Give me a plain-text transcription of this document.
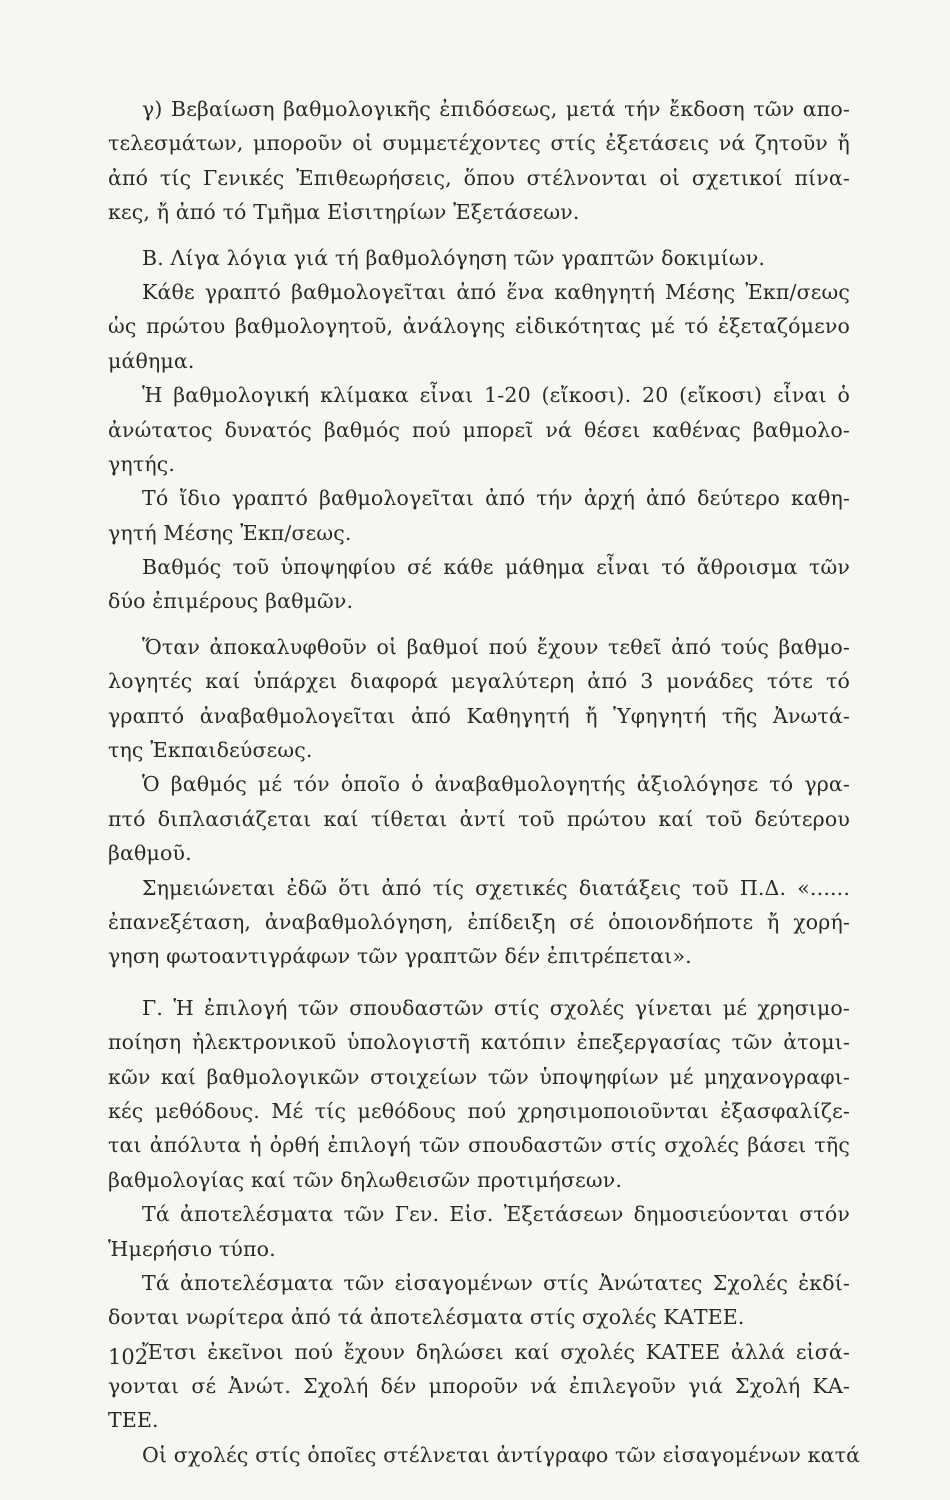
γ) Βεβαίωση βαθμολογικῆς ἐπιδόσεως, μετά τήν ἔκδοση τῶν απο-
τελεσμάτων, μποροῦν οἱ συμμετέχοντες στίς ἐξετάσεις νά ζητοῦν ἤ
ἀπό τίς Γενικές Ἐπιθεωρήσεις, ὅπου στέλνονται οἱ σχετικοί πίνα-
κες, ἤ ἀπό τό Τμῆμα Εἰσιτηρίων Ἐξετάσεων.
Β. Λίγα λόγια γιά τή βαθμολόγηση τῶν γραπτῶν δοκιμίων.
Κάθε γραπτό βαθμολογεῖται ἀπό ἕνα καθηγητή Μέσης Ἐκπ/σεως
ὡς πρώτου βαθμολογητοῦ, ἀνάλογης εἰδικότητας μέ τό ἐξεταζόμενο
μάθημα.
Ἡ βαθμολογική κλίμακα εἶναι 1-20 (εἴκοσι). 20 (εἴκοσι) εἶναι ὁ
ἀνώτατος δυνατός βαθμός πού μπορεῖ νά θέσει καθένας βαθμολο-
γητής.
Τό ἴδιο γραπτό βαθμολογεῖται ἀπό τήν ἀρχή ἀπό δεύτερο καθη-
γητή Μέσης Ἐκπ/σεως.
Βαθμός τοῦ ὑποψηφίου σέ κάθε μάθημα εἶναι τό ἄθροισμα τῶν
δύο ἐπιμέρους βαθμῶν.
Ὅταν ἀποκαλυφθοῦν οἱ βαθμοί πού ἔχουν τεθεῖ ἀπό τούς βαθμο-
λογητές καί ὑπάρχει διαφορά μεγαλύτερη ἀπό 3 μονάδες τότε τό
γραπτό ἀναβαθμολογεῖται ἀπό Καθηγητή ἤ Ὑφηγητή τῆς Ἀνωτά-
της Ἐκπαιδεύσεως.
Ὁ βαθμός μέ τόν ὁποῖο ὁ ἀναβαθμολογητής ἀξιολόγησε τό γρα-
πτό διπλασιάζεται καί τίθεται ἀντί τοῦ πρώτου καί τοῦ δεύτερου
βαθμοῦ.
Σημειώνεται ἐδῶ ὅτι ἀπό τίς σχετικές διατάξεις τοῦ Π.Δ. «......
ἐπανεξέταση, ἀναβαθμολόγηση, ἐπίδειξη σέ ὁποιονδήποτε ἤ χορή-
γηση φωτοαντιγράφων τῶν γραπτῶν δέν ἐπιτρέπεται».
Γ. Ἡ ἐπιλογή τῶν σπουδαστῶν στίς σχολές γίνεται μέ χρησιμο-
ποίηση ἠλεκτρονικοῦ ὑπολογιστῆ κατόπιν ἐπεξεργασίας τῶν ἀτομι-
κῶν καί βαθμολογικῶν στοιχείων τῶν ὑποψηφίων μέ μηχανογραφι-
κές μεθόδους. Μέ τίς μεθόδους πού χρησιμοποιοῦνται ἐξασφαλίζε-
ται ἀπόλυτα ἡ ὀρθή ἐπιλογή τῶν σπουδαστῶν στίς σχολές βάσει τῆς
βαθμολογίας καί τῶν δηλωθεισῶν προτιμήσεων.
Τά ἀποτελέσματα τῶν Γεν. Εἰσ. Ἐξετάσεων δημοσιεύονται στόν
Ἡμερήσιο τύπο.
Τά ἀποτελέσματα τῶν εἰσαγομένων στίς Ἀνώτατες Σχολές ἐκδί-
δονται νωρίτερα ἀπό τά ἀποτελέσματα στίς σχολές ΚΑΤΕΕ.
Ἔτσι ἐκεῖνοι πού ἔχουν δηλώσει καί σχολές ΚΑΤΕΕ ἀλλά εἰσά-
γονται σέ Ἀνώτ. Σχολή δέν μποροῦν νά ἐπιλεγοῦν γιά Σχολή ΚΑ-
ΤΕΕ.
Οἱ σχολές στίς ὁποῖες στέλνεται ἀντίγραφο τῶν εἰσαγομένων κατά
102
